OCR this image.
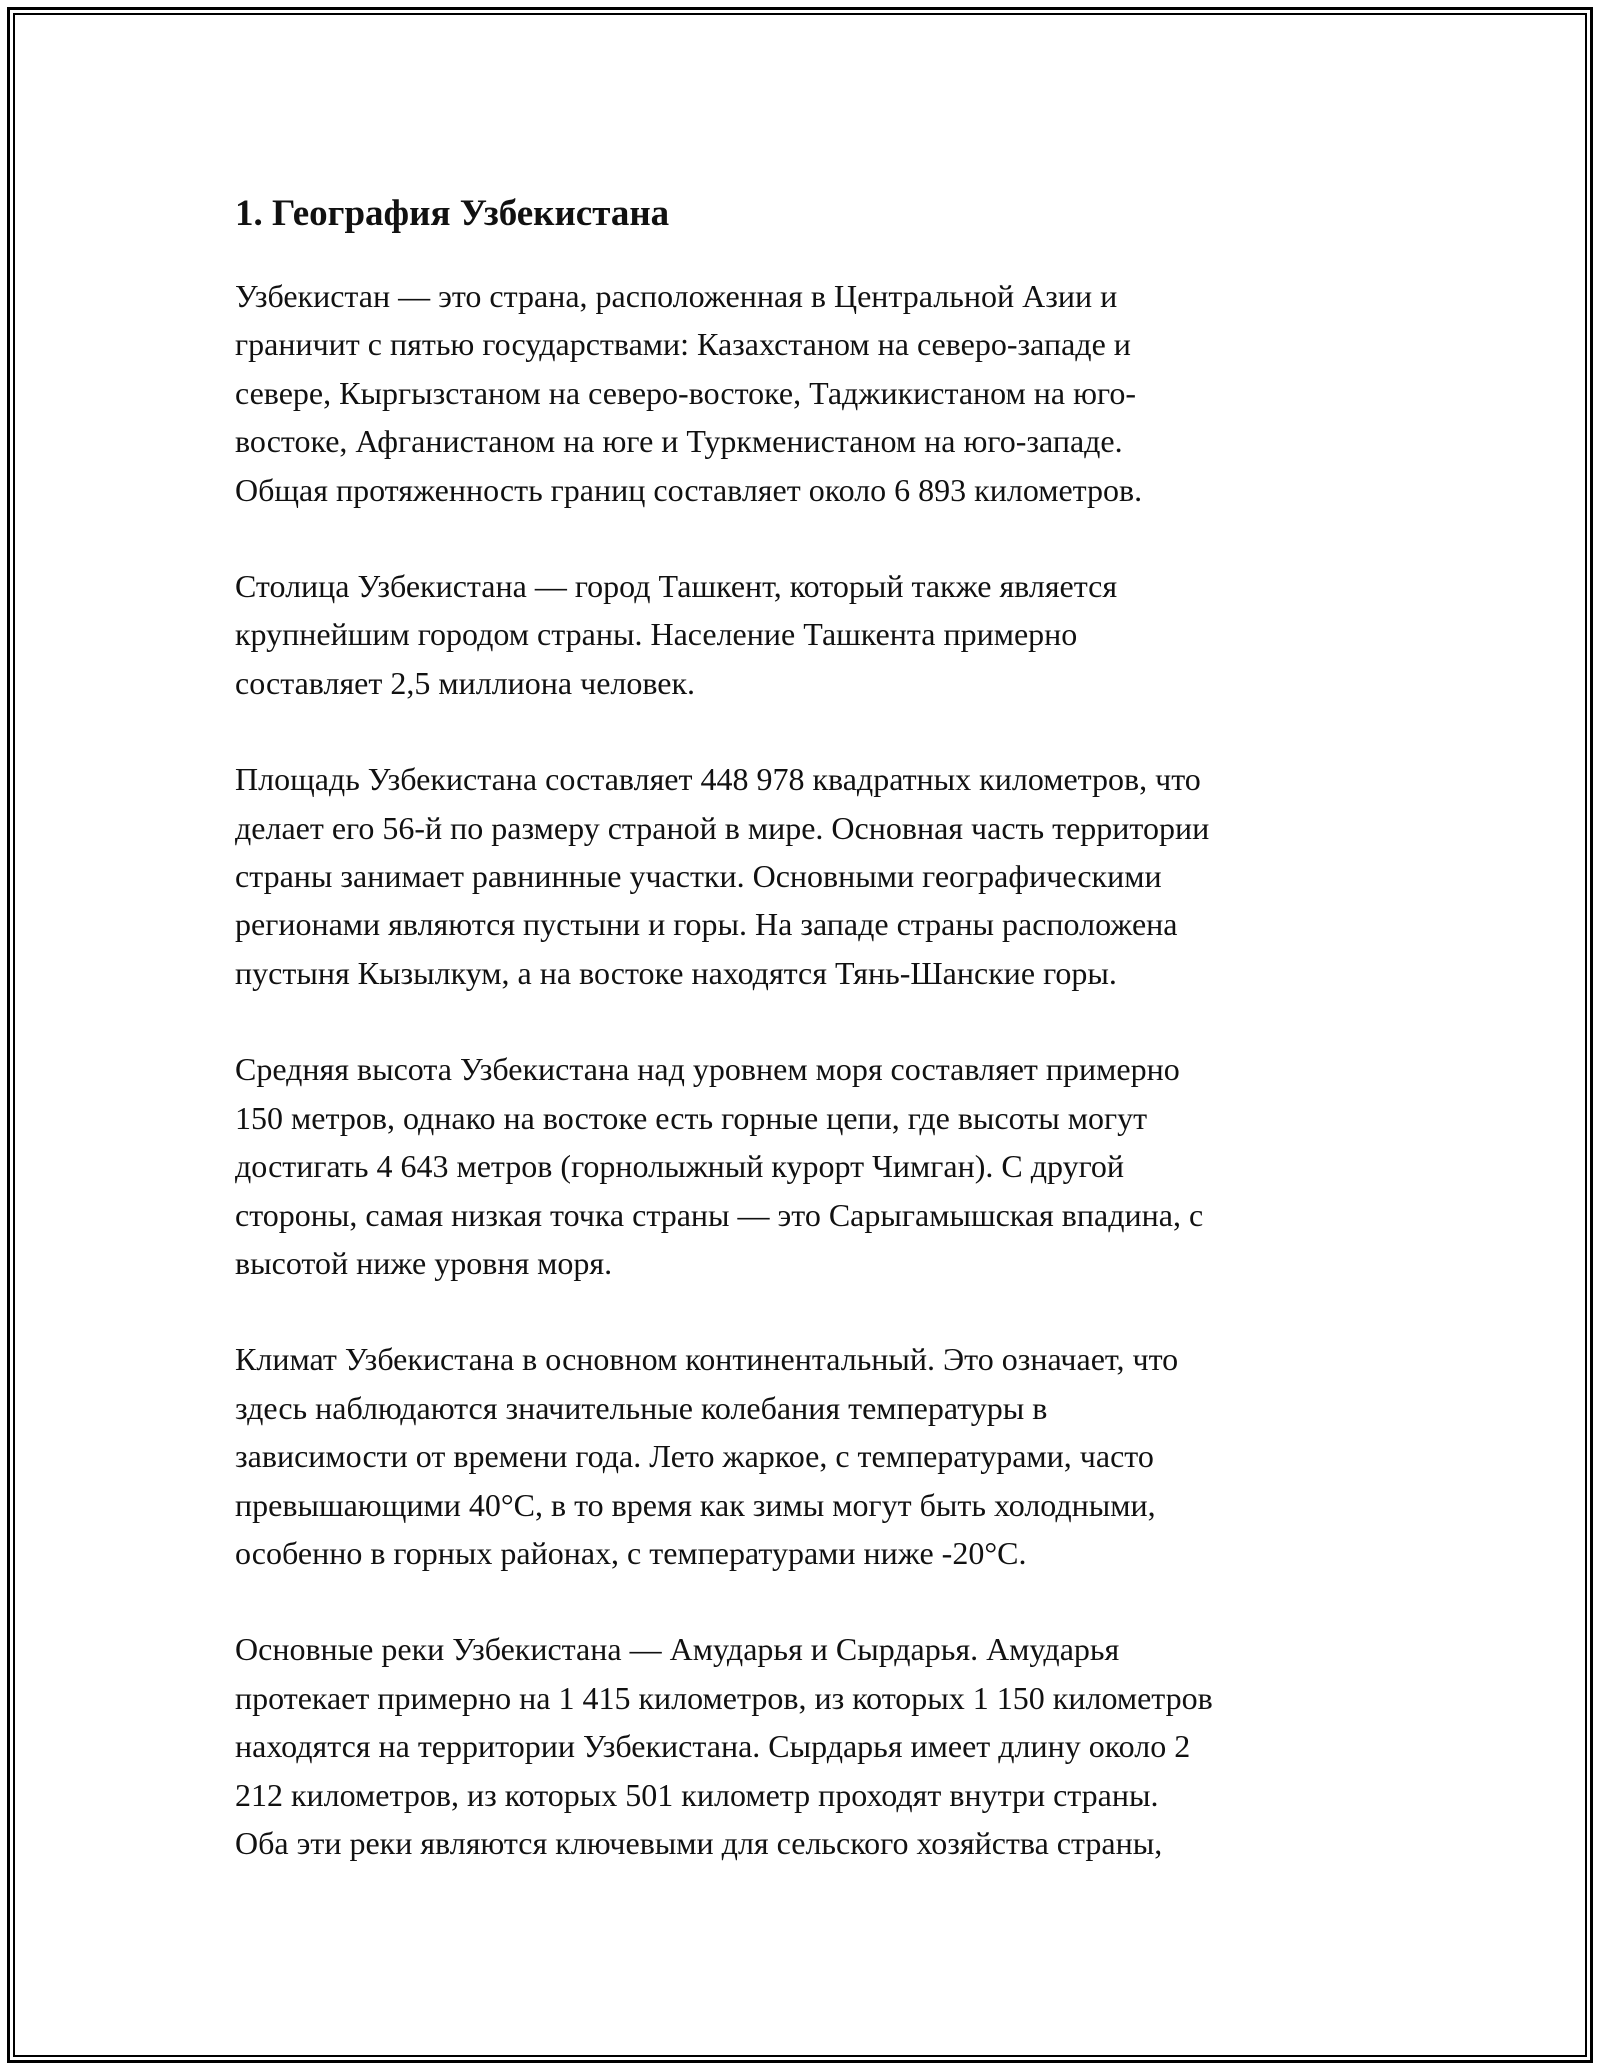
1. География Узбекистана

Узбекистан — это страна, расположенная в Центральной Азии и
граничит с пятью государствами: Казахстаном на северо-западе и
севере, Кыргызстаном на северо-востоке, Таджикистаном на юго-
востоке, Афганистаном на юге и Туркменистаном на юго-западе.
Общая протяженность границ составляет около 6 893 километров.

Столица Узбекистана — город Ташкент, который также является
крупнейшим городом страны. Население Ташкента примерно
составляет 2,5 миллиона человек.

Площадь Узбекистана составляет 448 978 квадратных километров, что
делает его 56-й по размеру страной в мире. Основная часть территории
страны занимает равнинные участки. Основными географическими
регионами являются пустыни и горы. На западе страны расположена
пустыня Кызылкум, а на востоке находятся Тянь-Шанские горы.

Средняя высота Узбекистана над уровнем моря составляет примерно
150 метров, однако на востоке есть горные цепи, где высоты могут
достигать 4 643 метров (горнолыжный курорт Чимган). С другой
стороны, самая низкая точка страны — это Сарыгамышская впадина, с
высотой ниже уровня моря.

Климат Узбекистана в основном континентальный. Это означает, что
здесь наблюдаются значительные колебания температуры в
зависимости от времени года. Лето жаркое, с температурами, часто
превышающими 40°C, в то время как зимы могут быть холодными,
особенно в горных районах, с температурами ниже -20°C.

Основные реки Узбекистана — Амударья и Сырдарья. Амударья
протекает примерно на 1 415 километров, из которых 1 150 километров
находятся на территории Узбекистана. Сырдарья имеет длину около 2
212 километров, из которых 501 километр проходят внутри страны.
Оба эти реки являются ключевыми для сельского хозяйства страны,
